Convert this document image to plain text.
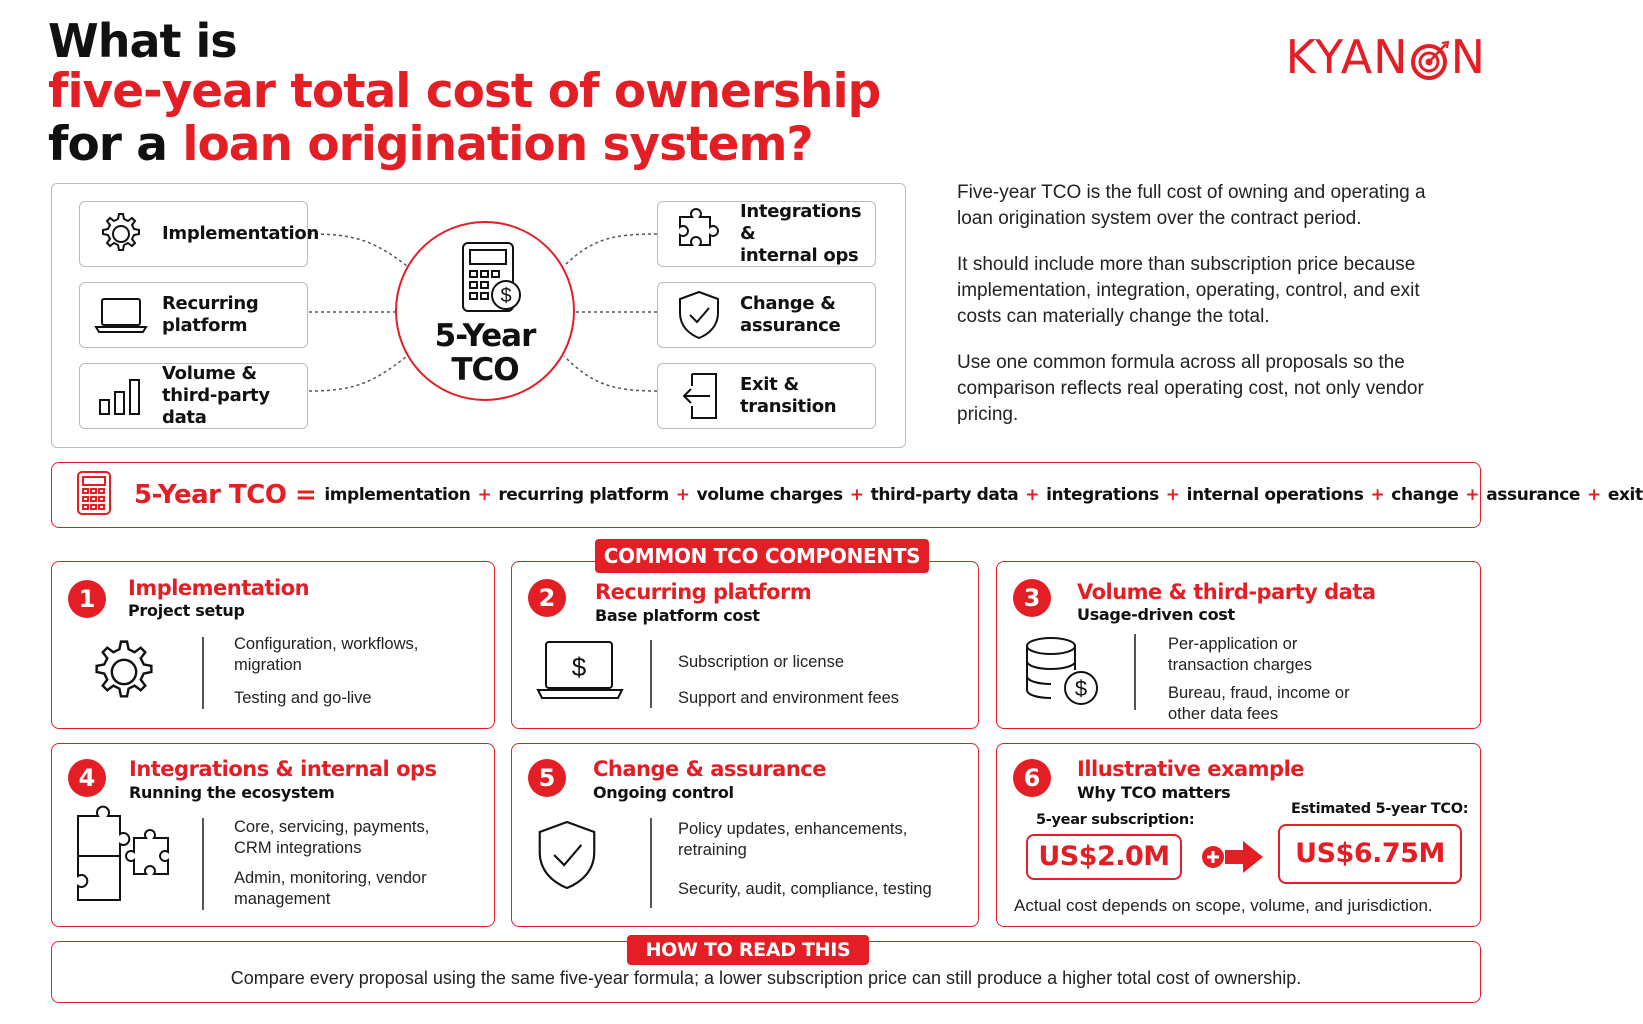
What is
five-year total cost of ownership
for a loan origination system?
KYAN N
Implementation
Recurring
platform
Volume &
third-party data
$
5-Year
TCO
Integrations &
internal ops
Change &
assurance
Exit &
transition

Five-year TCO is the full cost of owning and operating a loan origination system over the contract period.

It should include more than subscription price because implementation, integration, operating, control, and exit costs can materially change the total.

Use one common formula across all proposals so the comparison reflects real operating cost, not only vendor pricing.

5-Year TCO = implementation + recurring platform + volume charges + third-party data + integrations + internal operations + change + assurance + exit
COMMON TCO COMPONENTS
1	Implementation
Project setup
Configuration, workflows,
migration
Testing and go-live
2	Recurring platform
Base platform cost
$	Subscription or license
Support and environment fees
3	Volume & third-party data
Usage-driven cost
$
Per-application or
transaction charges
Bureau, fraud, income or
other data fees
4	Integrations & internal ops
Running the ecosystem
Core, servicing, payments,
CRM integrations
Admin, monitoring, vendor
management
5	Change & assurance
Ongoing control
Policy updates, enhancements,
retraining
Security, audit, compliance, testing
6	Illustrative example
Why TCO matters
5-year subscription:
US$2.0M
Estimated 5-year TCO:
US$6.75M
Actual cost depends on scope, volume, and jurisdiction.
Compare every proposal using the same five-year formula; a lower subscription price can still produce a higher total cost of ownership.
HOW TO READ THIS
